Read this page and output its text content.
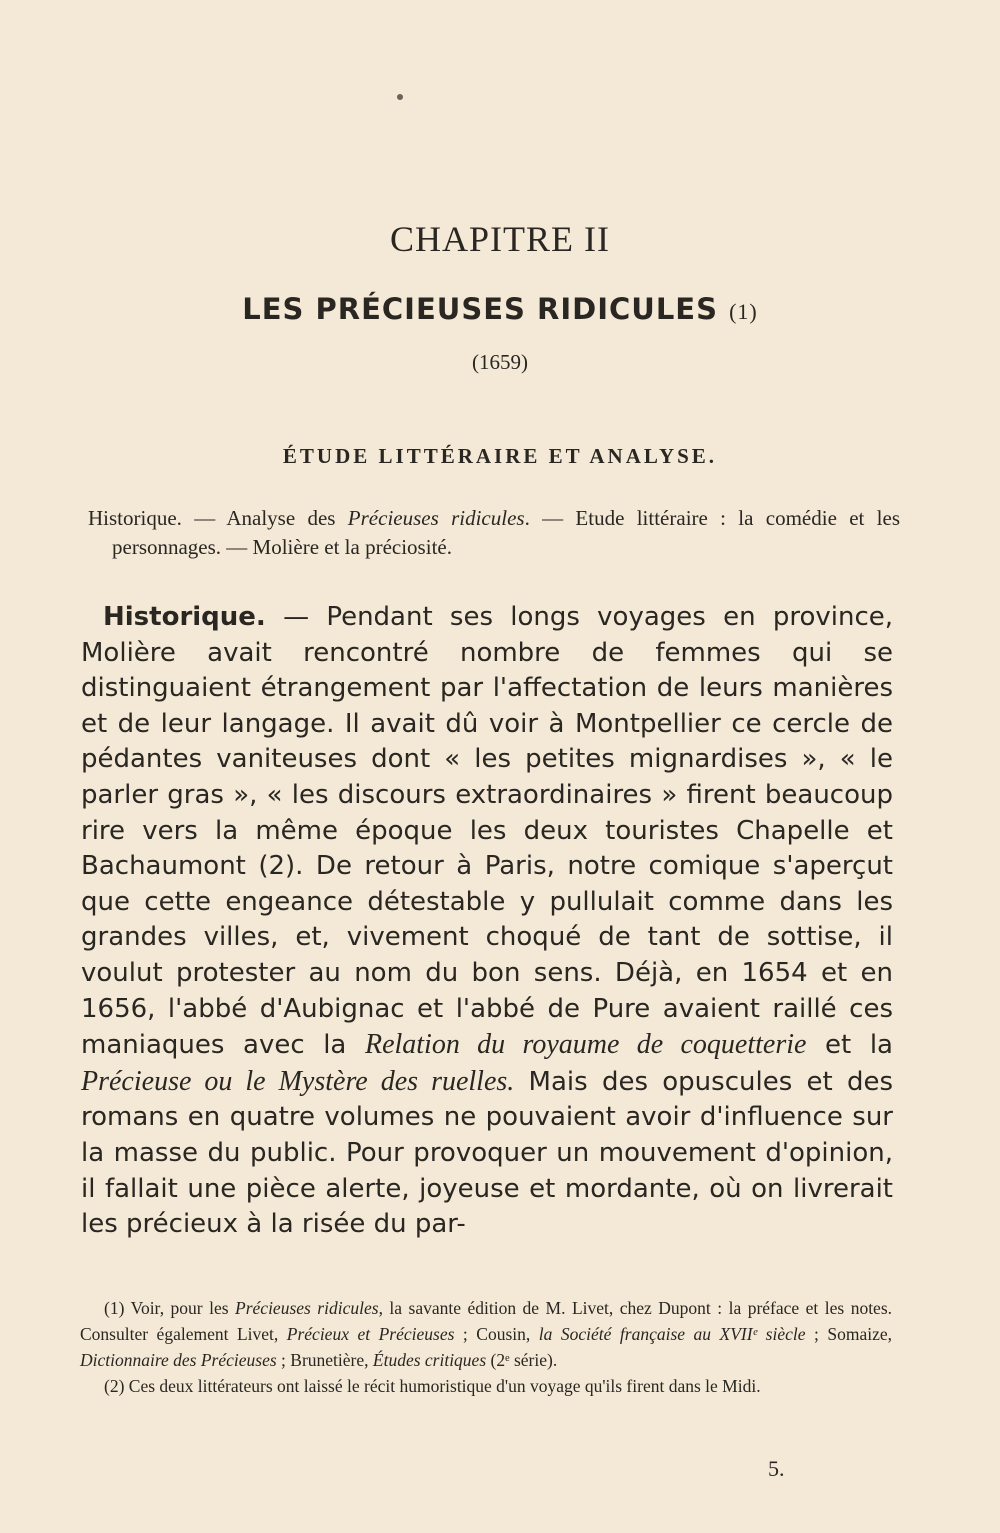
CHAPITRE II
LES PRÉCIEUSES RIDICULES (1)
(1659)
ÉTUDE LITTÉRAIRE ET ANALYSE.

Historique. — Analyse des Précieuses ridicules. — Etude littéraire : la comédie et les personnages. — Molière et la préciosité.

Historique. — Pendant ses longs voyages en province, Molière avait rencontré nombre de femmes qui se distinguaient étrangement par l'affectation de leurs manières et de leur langage. Il avait dû voir à Montpellier ce cercle de pédantes vaniteuses dont « les petites mignardises », « le parler gras », « les discours extraordinaires » firent beaucoup rire vers la même époque les deux touristes Chapelle et Bachaumont (2). De retour à Paris, notre comique s'aperçut que cette engeance détestable y pullulait comme dans les grandes villes, et, vivement choqué de tant de sottise, il voulut protester au nom du bon sens. Déjà, en 1654 et en 1656, l'abbé d'Aubignac et l'abbé de Pure avaient raillé ces maniaques avec la Relation du royaume de coquetterie et la Précieuse ou le Mystère des ruelles. Mais des opuscules et des romans en quatre volumes ne pouvaient avoir d'influence sur la masse du public. Pour provoquer un mouvement d'opinion, il fallait une pièce alerte, joyeuse et mordante, où on livrerait les précieux à la risée du par-

(1) Voir, pour les Précieuses ridicules, la savante édition de M. Livet, chez Dupont : la préface et les notes. Consulter également Livet, Précieux et Précieuses ; Cousin, la Société française au XVIIᵉ siècle ; Somaize, Dictionnaire des Précieuses ; Brunetière, Études critiques (2ᵉ série).

(2) Ces deux littérateurs ont laissé le récit humoristique d'un voyage qu'ils firent dans le Midi.

5.
